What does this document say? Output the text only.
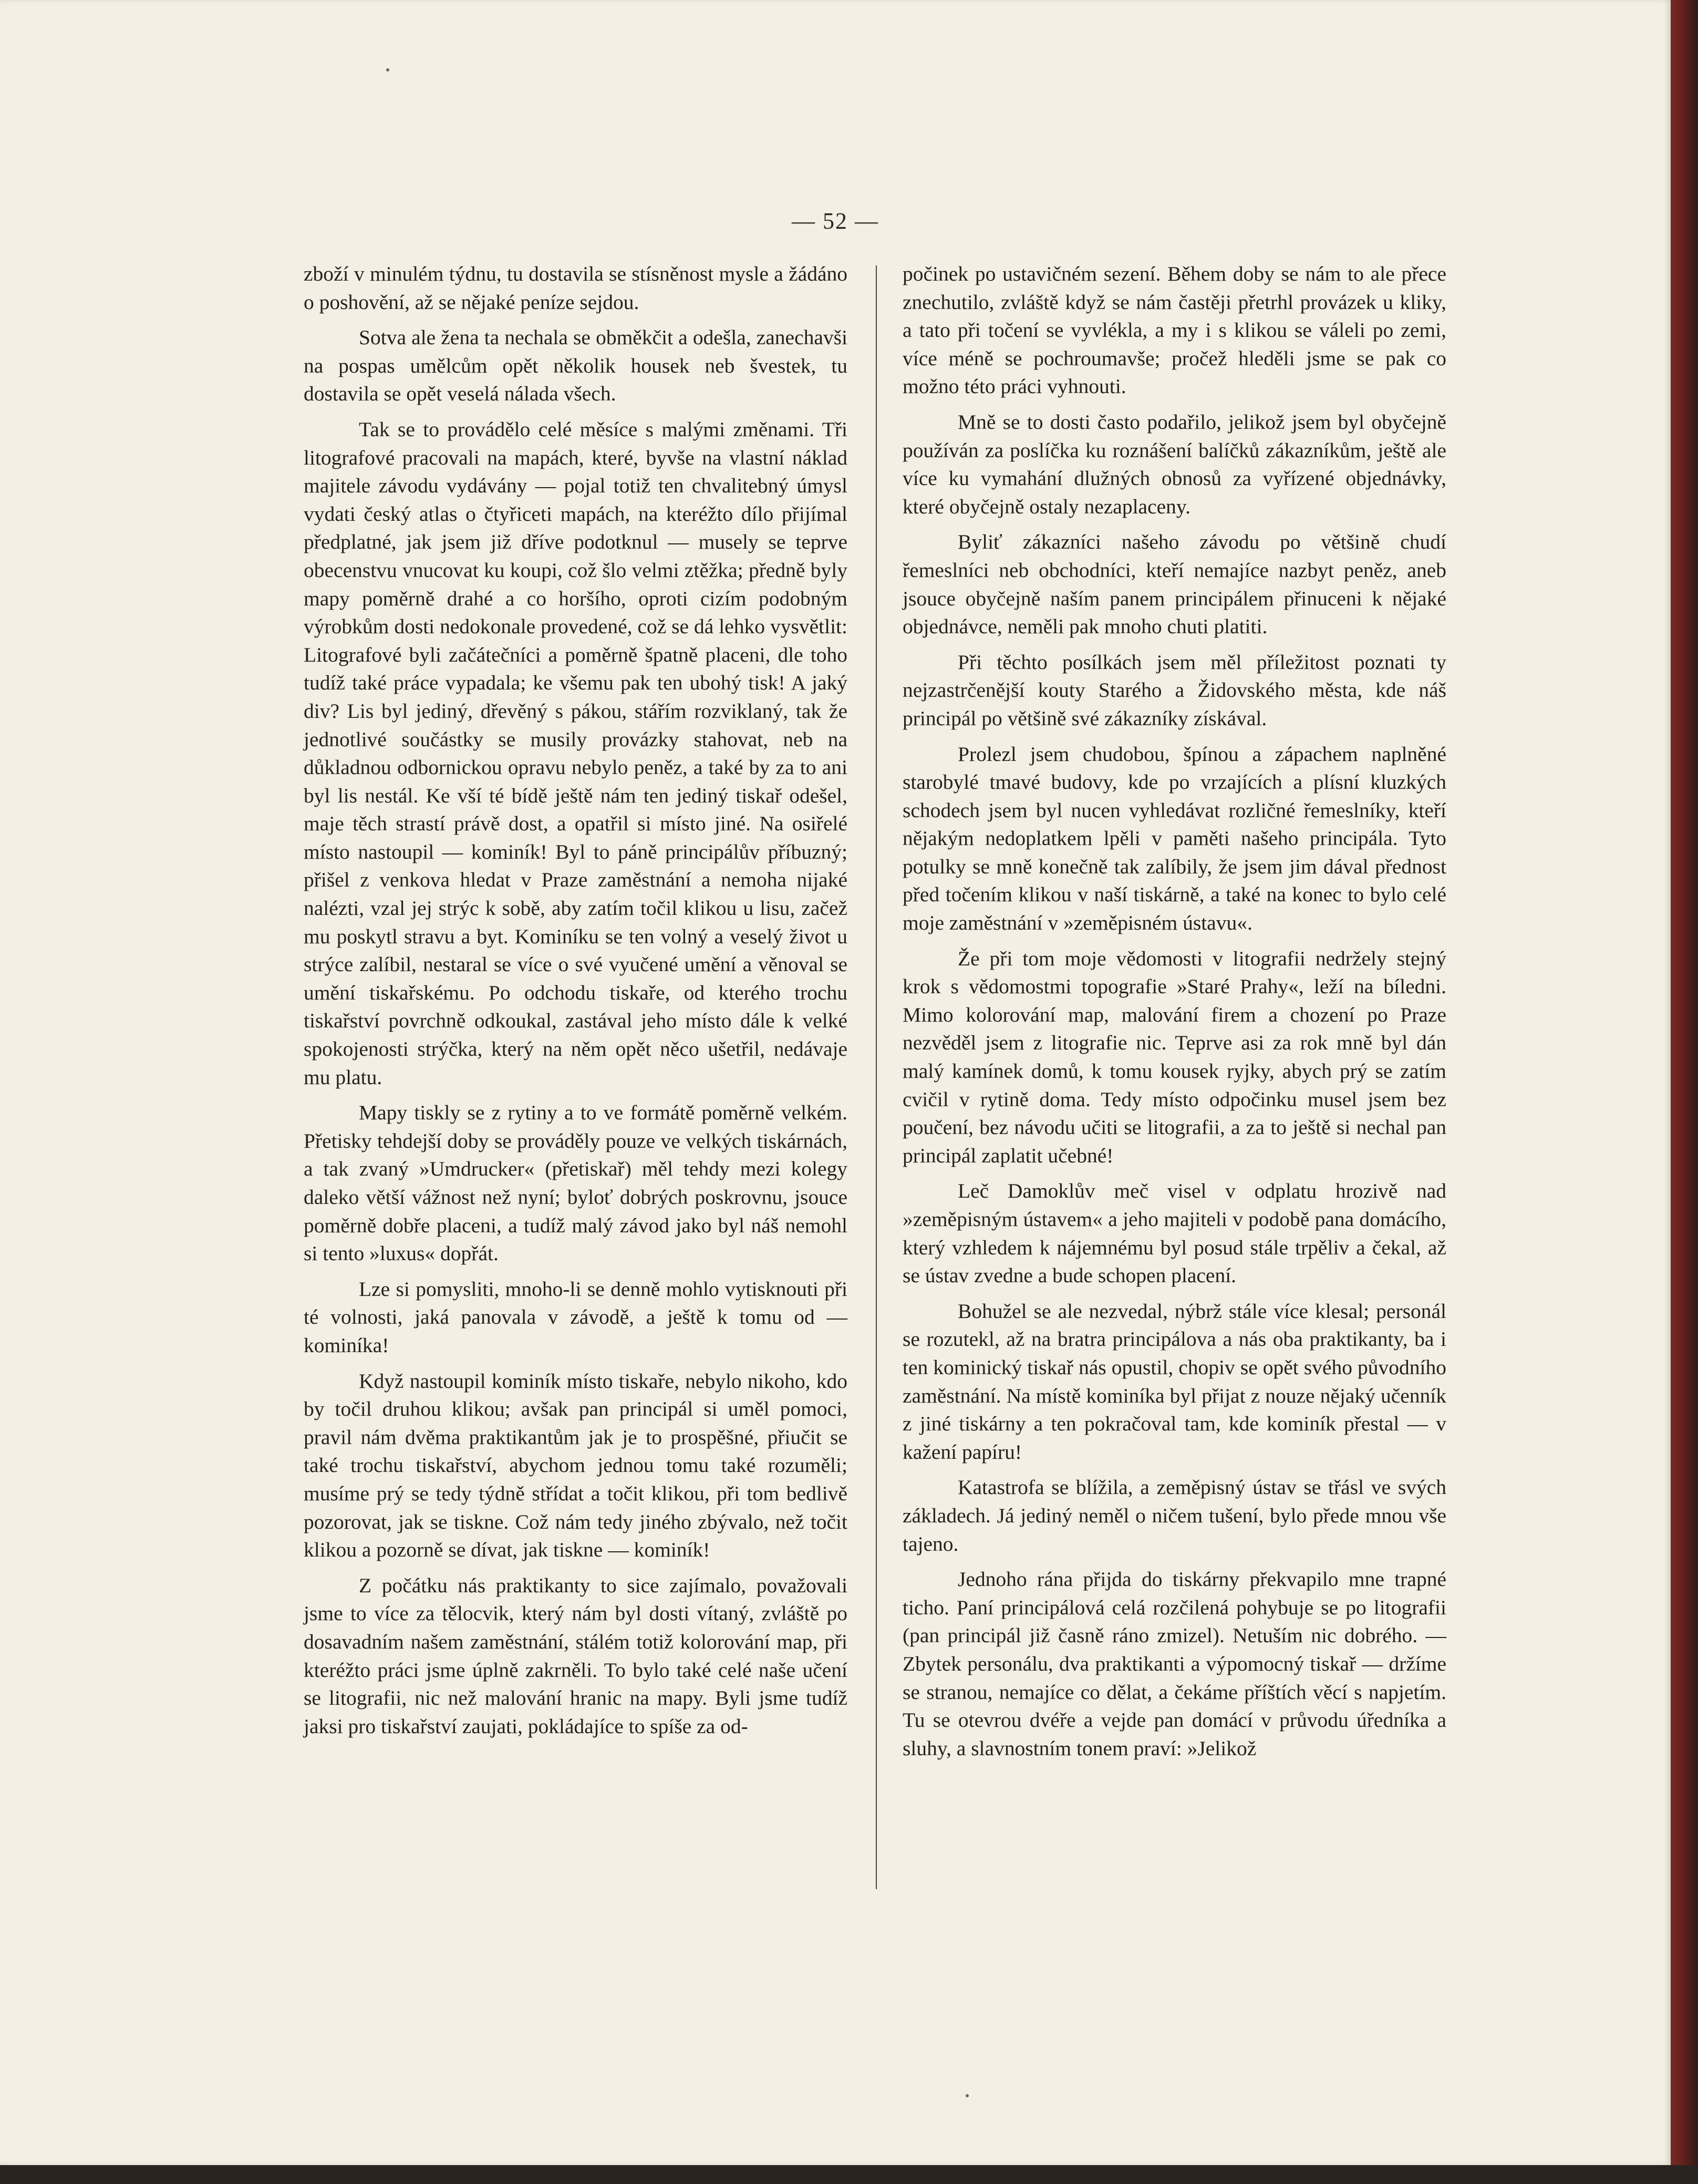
— 52 —

zboží v minulém týdnu, tu dostavila se stísněnost mysle a žádáno o poshovění, až se nějaké peníze sejdou.

Sotva ale žena ta nechala se obměkčit a odešla, zanechavši na pospas umělcům opět několik housek neb švestek, tu dostavila se opět veselá nálada všech.

Tak se to provádělo celé měsíce s malými změnami. Tři litografové pracovali na mapách, které, byvše na vlastní náklad majitele závodu vydávány — pojal totiž ten chvalitebný úmysl vydati český atlas o čtyřiceti mapách, na kteréžto dílo přijímal předplatné, jak jsem již dříve podotknul — musely se teprve obecenstvu vnucovat ku koupi, což šlo velmi ztěžka; předně byly mapy poměrně drahé a co horšího, oproti cizím podobným výrobkům dosti nedokonale provedené, což se dá lehko vysvětlit: Litografové byli začátečníci a poměrně špatně placeni, dle toho tudíž také práce vypadala; ke všemu pak ten ubohý tisk! A jaký div? Lis byl jediný, dřevěný s pákou, stářím rozviklaný, tak že jednotlivé součástky se musily provázky stahovat, neb na důkladnou odbornickou opravu nebylo peněz, a také by za to ani byl lis nestál. Ke vší té bídě ještě nám ten jediný tiskař odešel, maje těch strastí právě dost, a opatřil si místo jiné. Na osiřelé místo nastoupil — kominík! Byl to páně principálův příbuzný; přišel z venkova hledat v Praze zaměstnání a nemoha nijaké nalézti, vzal jej strýc k sobě, aby zatím točil klikou u lisu, začež mu poskytl stravu a byt. Kominíku se ten volný a veselý život u strýce zalíbil, nestaral se více o své vyučené umění a věnoval se umění tiskařskému. Po odchodu tiskaře, od kterého trochu tiskařství povrchně odkoukal, zastával jeho místo dále k velké spokojenosti strýčka, který na něm opět něco ušetřil, nedávaje mu platu.

Mapy tiskly se z rytiny a to ve formátě poměrně velkém. Přetisky tehdejší doby se prováděly pouze ve velkých tiskárnách, a tak zvaný »Umdrucker« (přetiskař) měl tehdy mezi kolegy daleko větší vážnost než nyní; byloť dobrých poskrovnu, jsouce poměrně dobře placeni, a tudíž malý závod jako byl náš nemohl si tento »luxus« dopřát.

Lze si pomysliti, mnoho-li se denně mohlo vytisknouti při té volnosti, jaká panovala v závodě, a ještě k tomu od — kominíka!

Když nastoupil kominík místo tiskaře, nebylo nikoho, kdo by točil druhou klikou; avšak pan principál si uměl pomoci, pravil nám dvěma praktikantům jak je to prospěšné, přiučit se také trochu tiskařství, abychom jednou tomu také rozuměli; musíme prý se tedy týdně střídat a točit klikou, při tom bedlivě pozorovat, jak se tiskne. Což nám tedy jiného zbývalo, než točit klikou a pozorně se dívat, jak tiskne — kominík!

Z počátku nás praktikanty to sice zajímalo, považovali jsme to více za tělocvik, který nám byl dosti vítaný, zvláště po dosavadním našem zaměstnání, stálém totiž kolorování map, při kteréžto práci jsme úplně zakrněli. To bylo také celé naše učení se litografii, nic než malování hranic na mapy. Byli jsme tudíž jaksi pro tiskařství zaujati, pokládajíce to spíše za od-

počinek po ustavičném sezení. Během doby se nám to ale přece znechutilo, zvláště když se nám častěji přetrhl provázek u kliky, a tato při točení se vyvlékla, a my i s klikou se váleli po zemi, více méně se pochroumavše; pročež hleděli jsme se pak co možno této práci vyhnouti.

Mně se to dosti často podařilo, jelikož jsem byl obyčejně používán za poslíčka ku roznášení balíčků zákazníkům, ještě ale více ku vymahání dlužných obnosů za vyřízené objednávky, které obyčejně ostaly nezaplaceny.

Byliť zákazníci našeho závodu po většině chudí řemeslníci neb obchodníci, kteří nemajíce nazbyt peněz, aneb jsouce obyčejně naším panem principálem přinuceni k nějaké objednávce, neměli pak mnoho chuti platiti.

Při těchto posílkách jsem měl příležitost poznati ty nejzastrčenější kouty Starého a Židovského města, kde náš principál po většině své zákazníky získával.

Prolezl jsem chudobou, špínou a zápachem naplněné starobylé tmavé budovy, kde po vrzajících a plísní kluzkých schodech jsem byl nucen vyhledávat rozličné řemeslníky, kteří nějakým nedoplatkem lpěli v paměti našeho principála. Tyto potulky se mně konečně tak zalíbily, že jsem jim dával přednost před točením klikou v naší tiskárně, a také na konec to bylo celé moje zaměstnání v »zeměpisném ústavu«.

Že při tom moje vědomosti v litografii nedržely stejný krok s vědomostmi topografie »Staré Prahy«, leží na bíledni. Mimo kolorování map, malování firem a chození po Praze nezvěděl jsem z litografie nic. Teprve asi za rok mně byl dán malý kamínek domů, k tomu kousek ryjky, abych prý se zatím cvičil v rytině doma. Tedy místo odpočinku musel jsem bez poučení, bez návodu učiti se litografii, a za to ještě si nechal pan principál zaplatit učebné!

Leč Damoklův meč visel v odplatu hrozivě nad »zeměpisným ústavem« a jeho majiteli v podobě pana domácího, který vzhledem k nájemnému byl posud stále trpěliv a čekal, až se ústav zvedne a bude schopen placení.

Bohužel se ale nezvedal, nýbrž stále více klesal; personál se rozutekl, až na bratra principálova a nás oba praktikanty, ba i ten kominický tiskař nás opustil, chopiv se opět svého původního zaměstnání. Na místě kominíka byl přijat z nouze nějaký učenník z jiné tiskárny a ten pokračoval tam, kde kominík přestal — v kažení papíru!

Katastrofa se blížila, a zeměpisný ústav se třásl ve svých základech. Já jediný neměl o ničem tušení, bylo přede mnou vše tajeno.

Jednoho rána přijda do tiskárny překvapilo mne trapné ticho. Paní principálová celá rozčilená pohybuje se po litografii (pan principál již časně ráno zmizel). Netuším nic dobrého. — Zbytek personálu, dva praktikanti a výpomocný tiskař — držíme se stranou, nemajíce co dělat, a čekáme příštích věcí s napjetím. Tu se otevrou dvéře a vejde pan domácí v průvodu úředníka a sluhy, a slavnostním tonem praví: »Jelikož
